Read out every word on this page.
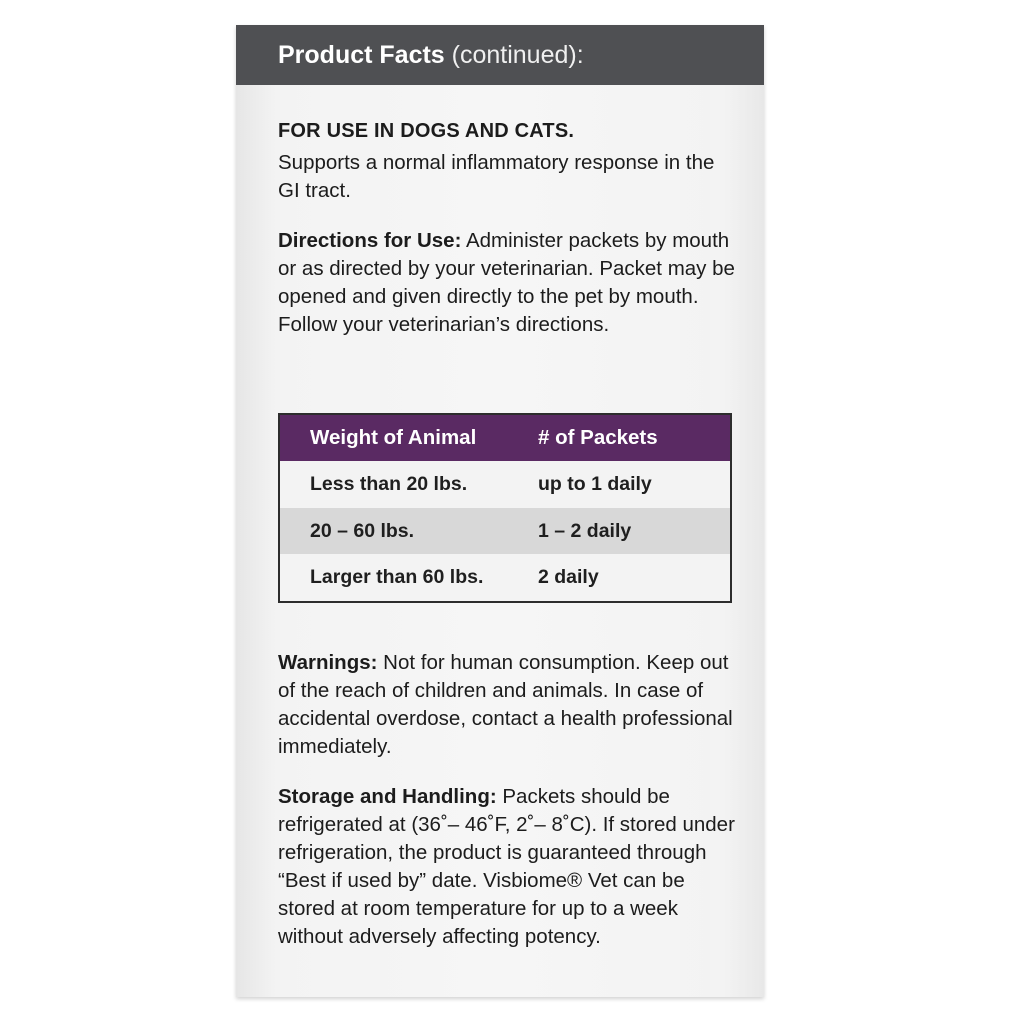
Product Facts (continued):

FOR USE IN DOGS AND CATS.

Supports a normal inflammatory response in the GI tract.

Directions for Use: Administer packets by mouth or as directed by your veterinarian. Packet may be opened and given directly to the pet by mouth. Follow your veterinarian’s directions.

Weight of Animal	# of Packets
Less than 20 lbs.	up to 1 daily
20 – 60 lbs.	1 – 2 daily
Larger than 60 lbs.	2 daily

Warnings: Not for human consumption. Keep out of the reach of children and animals. In case of accidental overdose, contact a health professional immediately.

Storage and Handling: Packets should be refrigerated at (36˚– 46˚F, 2˚– 8˚C). If stored under refrigeration, the product is guaranteed through “Best if used by” date. Visbiome® Vet can be stored at room temperature for up to a week without adversely affecting potency.
